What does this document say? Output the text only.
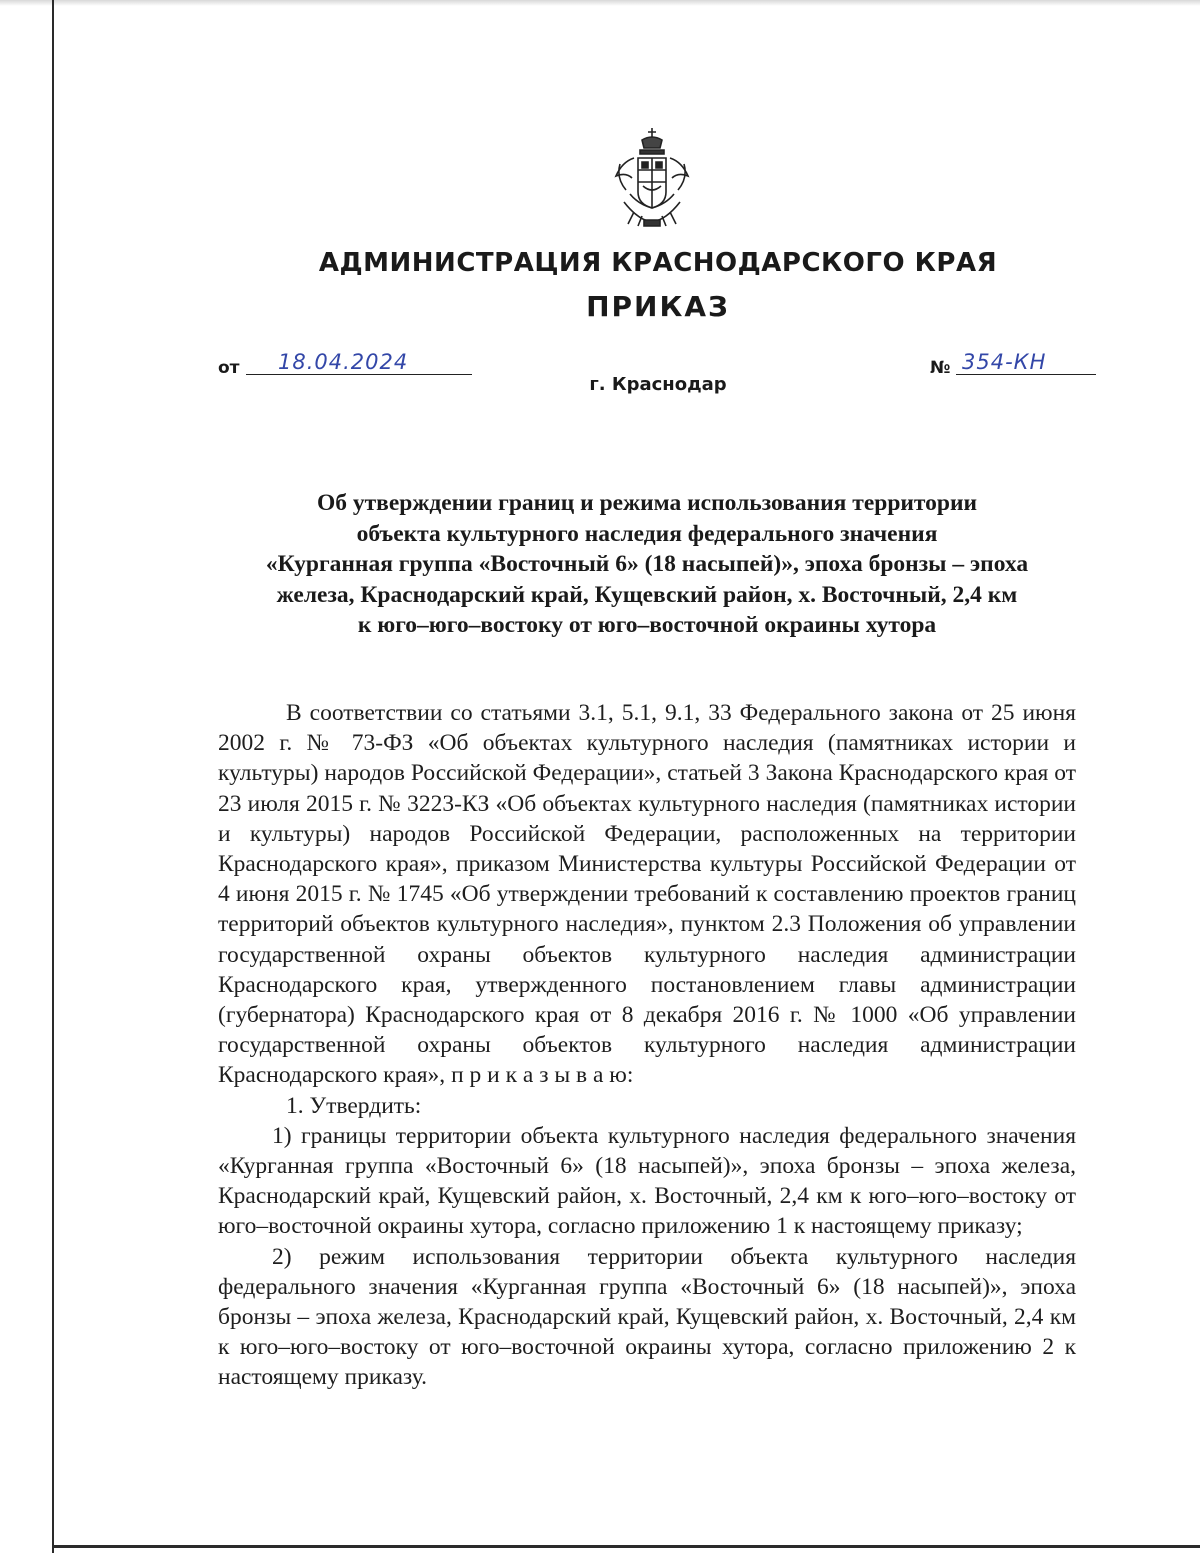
АДМИНИСТРАЦИЯ КРАСНОДАРСКОГО КРАЯ
ПРИКАЗ
от 18.04.2024	№ 354-КН
г. Краснодар
Об утверждении границ и режима использования территории
объекта культурного наследия федерального значения
«Курганная группа «Восточный 6» (18 насыпей)», эпоха бронзы – эпоха
железа, Краснодарский край, Кущевский район, х. Восточный, 2,4 км
к юго–юго–востоку от юго–восточной окраины хутора

В соответствии со статьями 3.1, 5.1, 9.1, 33 Федерального закона от 25 июня 2002 г. № 73-ФЗ «Об объектах культурного наследия (памятниках истории и культуры) народов Российской Федерации», статьей 3 Закона Краснодарского края от 23 июля 2015 г. № 3223-КЗ «Об объектах культурного наследия (памятниках истории и культуры) народов Российской Федерации, расположенных на территории Краснодарского края», приказом Министерства культуры Российской Федерации от 4 июня 2015 г. № 1745 «Об утверждении требований к составлению проектов границ территорий объектов культурного наследия», пунктом 2.3 Положения об управлении государственной охраны объектов культурного наследия администрации Краснодарского края, утвержденного постановлением главы администрации (губернатора) Краснодарского края от 8 декабря 2016 г. № 1000 «Об управлении государственной охраны объектов культурного наследия администрации Краснодарского края», п р и к а з ы в а ю:

1. Утвердить:

1) границы территории объекта культурного наследия федерального значения «Курганная группа «Восточный 6» (18 насыпей)», эпоха бронзы – эпоха железа, Краснодарский край, Кущевский район, х. Восточный, 2,4 км к юго–юго–востоку от юго–восточной окраины хутора, согласно приложению 1 к настоящему приказу;

2) режим использования территории объекта культурного наследия федерального значения «Курганная группа «Восточный 6» (18 насыпей)», эпоха бронзы – эпоха железа, Краснодарский край, Кущевский район, х. Восточный, 2,4 км к юго–юго–востоку от юго–восточной окраины хутора, согласно приложению 2 к настоящему приказу.
